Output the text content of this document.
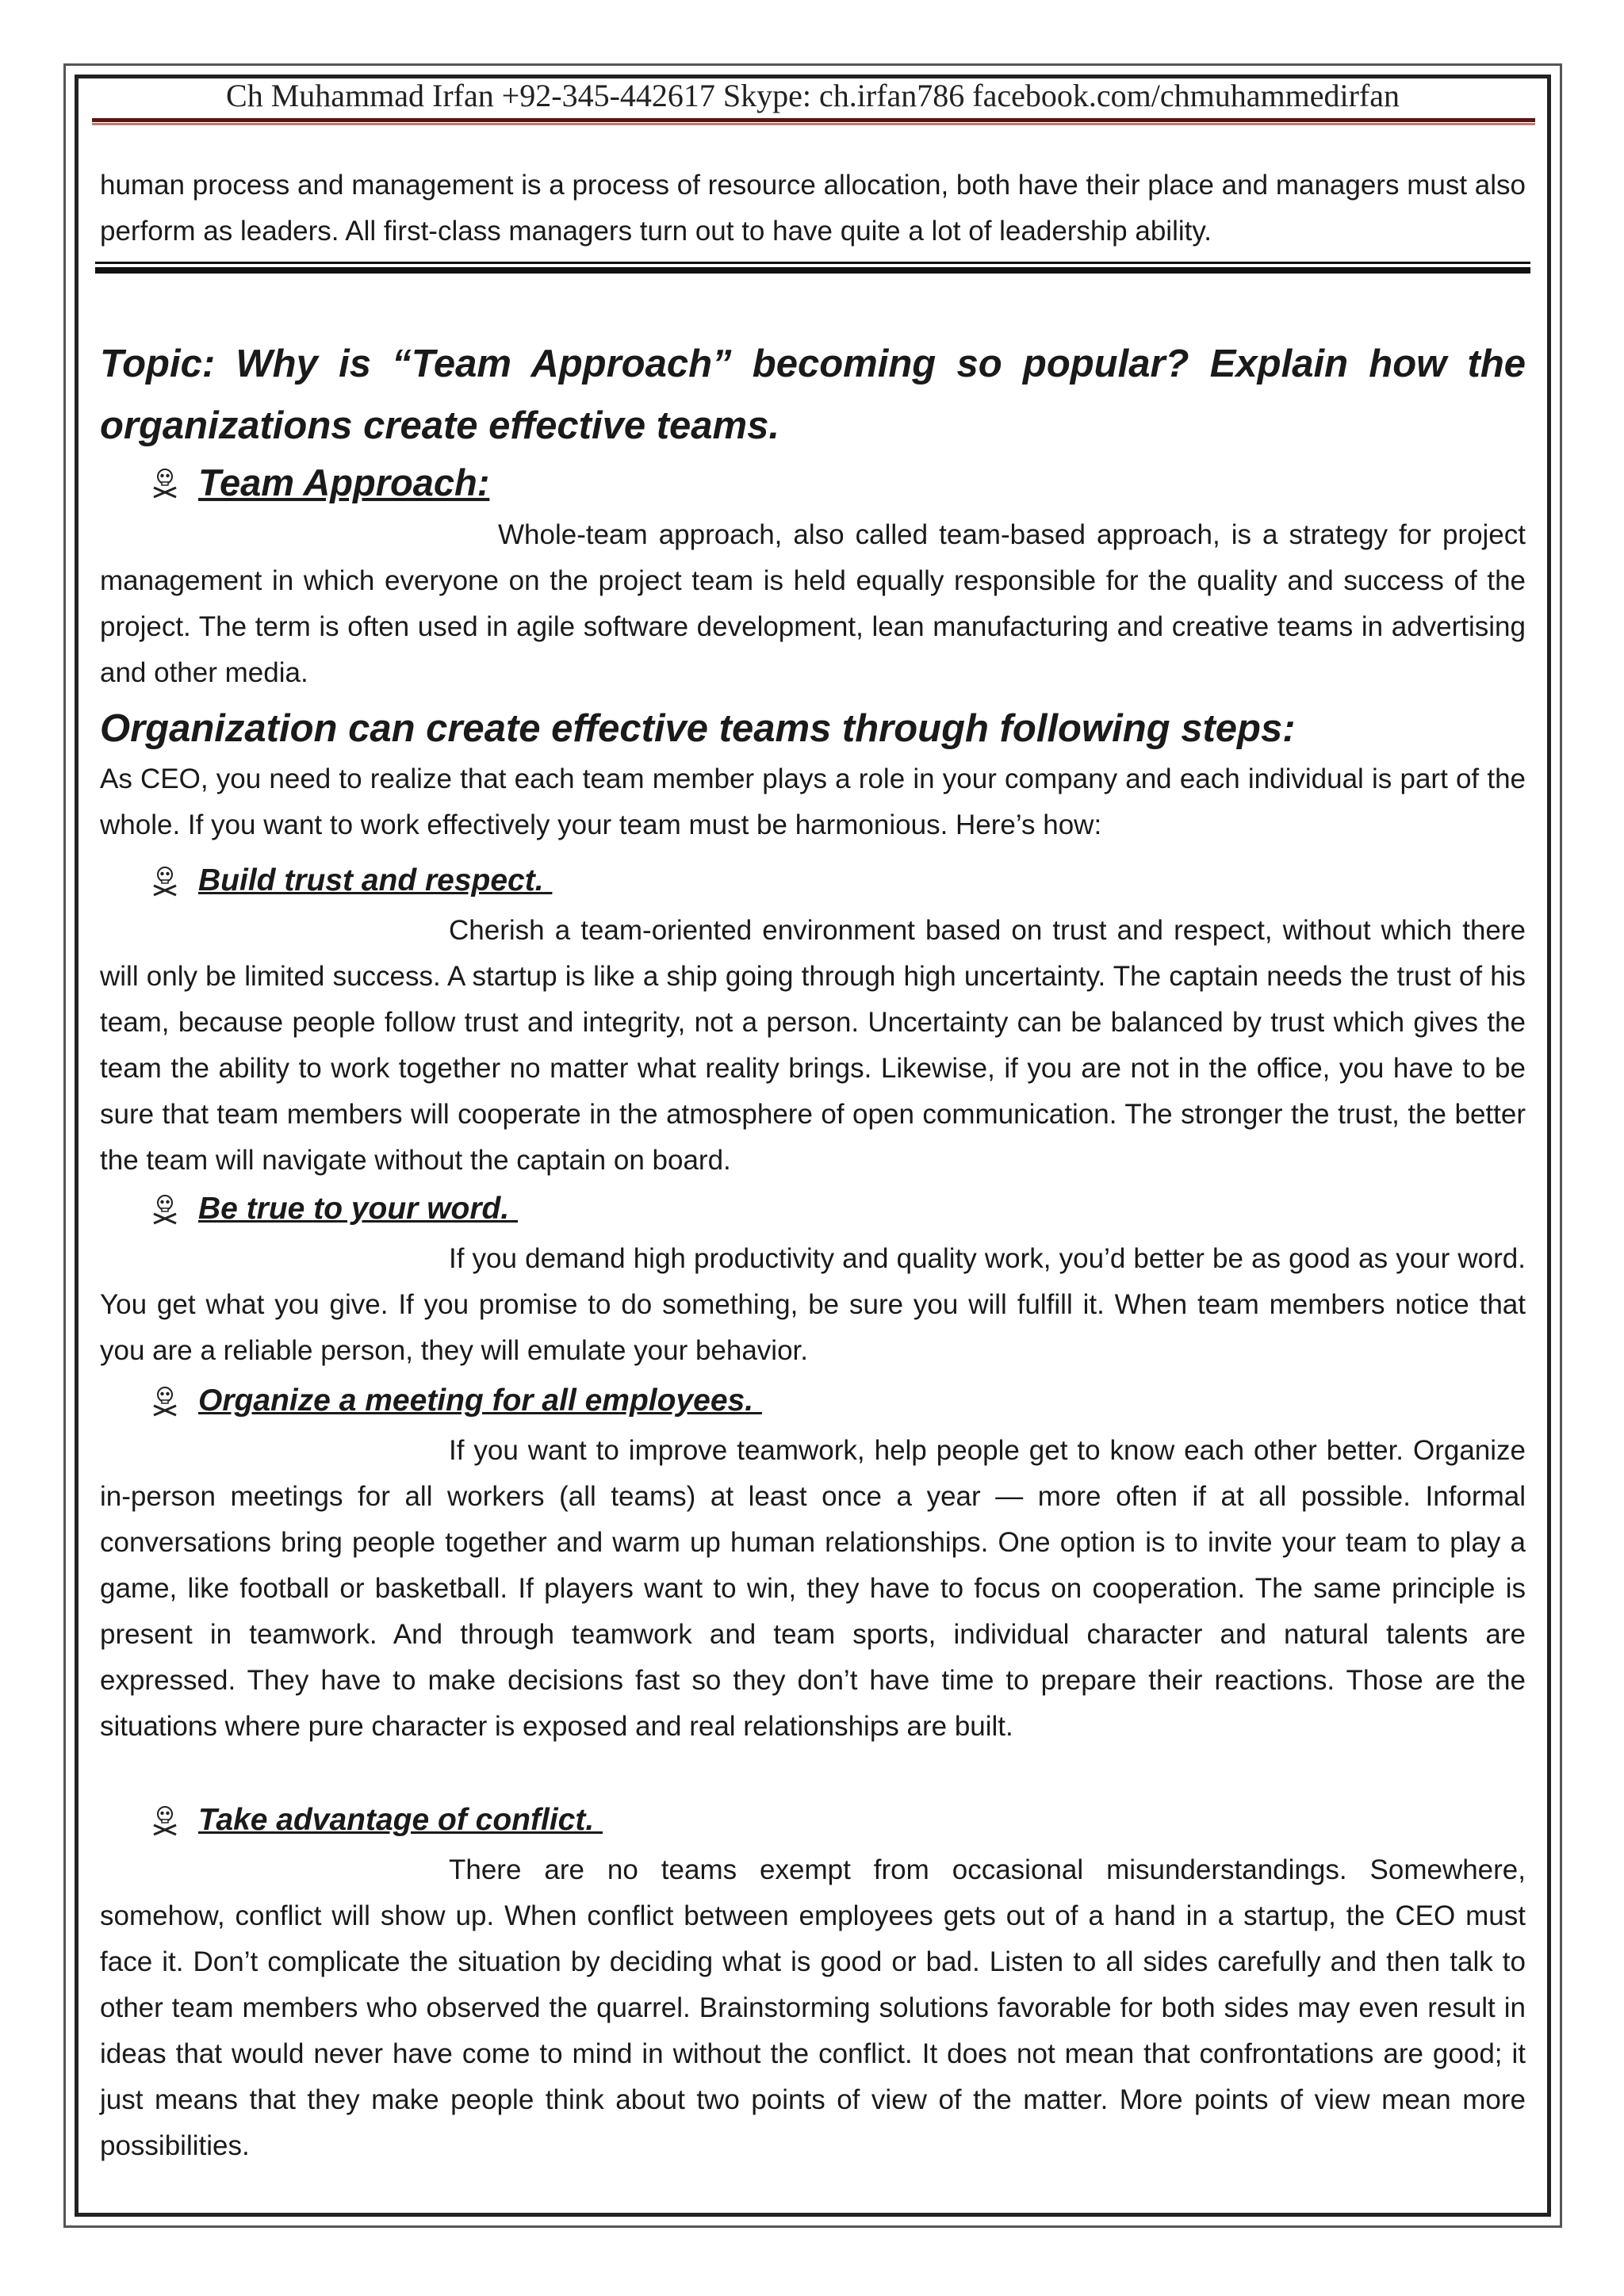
Ch Muhammad Irfan +92-345-442617 Skype: ch.irfan786 facebook.com/chmuhammedirfan

human process and management is a process of resource allocation, both have their place and managers must also perform as leaders. All first-class managers turn out to have quite a lot of leadership ability.

Topic: Why is “Team Approach” becoming so popular? Explain how the organizations create effective teams.

Team Approach:

Whole-team approach, also called team-based approach, is a strategy for project management in which everyone on the project team is held equally responsible for the quality and success of the project. The term is often used in agile software development, lean manufacturing and creative teams in advertising and other media.

Organization can create effective teams through following steps:

As CEO, you need to realize that each team member plays a role in your company and each individual is part of the whole. If you want to work effectively your team must be harmonious. Here’s how:

Build trust and respect.

Cherish a team-oriented environment based on trust and respect, without which there will only be limited success. A startup is like a ship going through high uncertainty. The captain needs the trust of his team, because people follow trust and integrity, not a person. Uncertainty can be balanced by trust which gives the team the ability to work together no matter what reality brings. Likewise, if you are not in the office, you have to be sure that team members will cooperate in the atmosphere of open communication. The stronger the trust, the better the team will navigate without the captain on board.

Be true to your word.

If you demand high productivity and quality work, you’d better be as good as your word. You get what you give. If you promise to do something, be sure you will fulfill it. When team members notice that you are a reliable person, they will emulate your behavior.

Organize a meeting for all employees.

If you want to improve teamwork, help people get to know each other better. Organize in-person meetings for all workers (all teams) at least once a year — more often if at all possible. Informal conversations bring people together and warm up human relationships. One option is to invite your team to play a game, like football or basketball. If players want to win, they have to focus on cooperation. The same principle is present in teamwork. And through teamwork and team sports, individual character and natural talents are expressed. They have to make decisions fast so they don’t have time to prepare their reactions. Those are the situations where pure character is exposed and real relationships are built.

Take advantage of conflict.

There are no teams exempt from occasional misunderstandings. Somewhere, somehow, conflict will show up. When conflict between employees gets out of a hand in a startup, the CEO must face it. Don’t complicate the situation by deciding what is good or bad. Listen to all sides carefully and then talk to other team members who observed the quarrel. Brainstorming solutions favorable for both sides may even result in ideas that would never have come to mind in without the conflict. It does not mean that confrontations are good; it just means that they make people think about two points of view of the matter. More points of view mean more possibilities.
